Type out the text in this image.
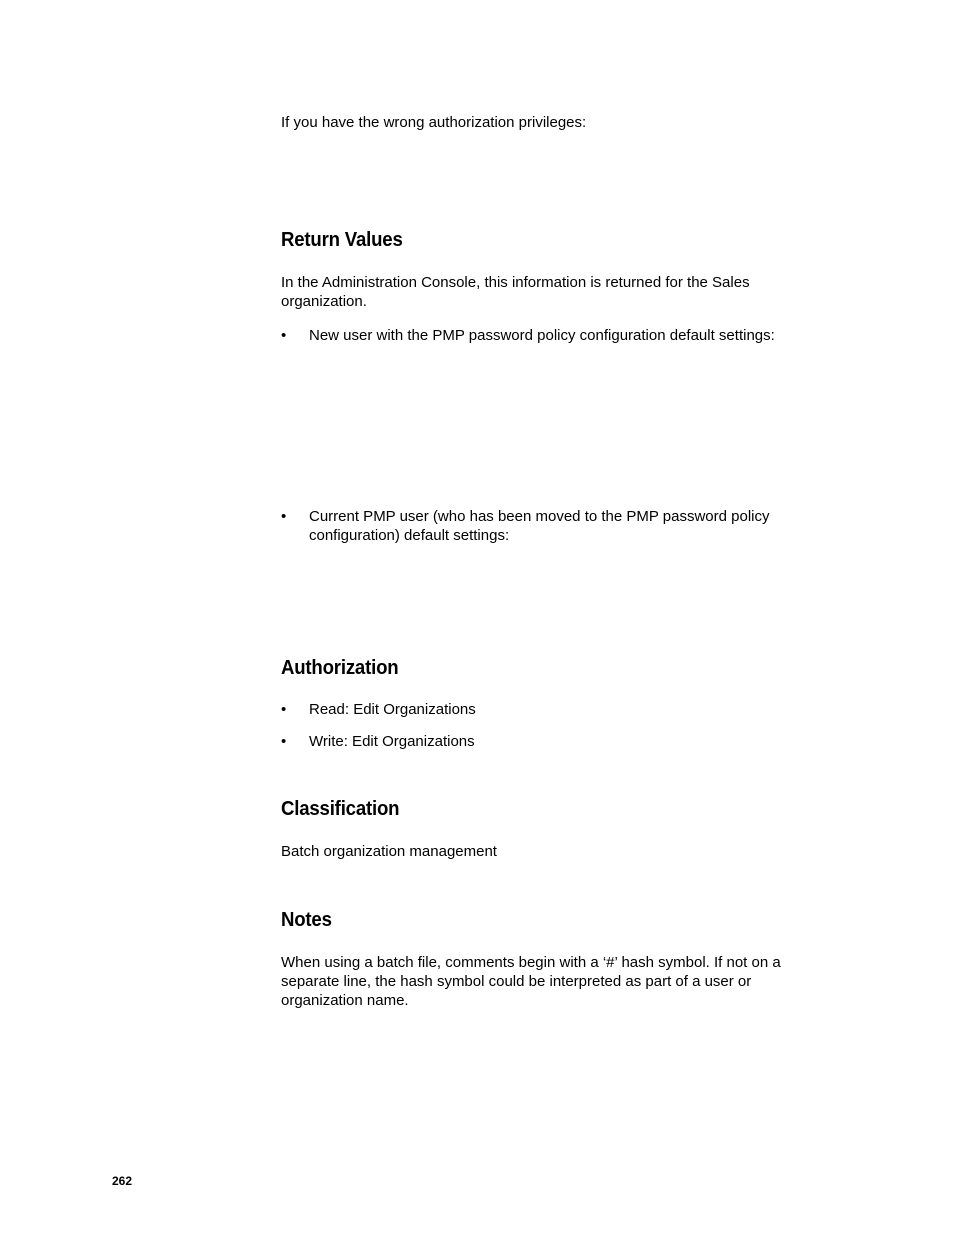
If you have the wrong authorization privileges:

Return Values

In the Administration Console, this information is returned for the Sales organization.

• New user with the PMP password policy configuration default settings:
• Current PMP user (who has been moved to the PMP password policy configuration) default settings:
Authorization
• Read: Edit Organizations
• Write: Edit Organizations
Classification

Batch organization management

Notes

When using a batch file, comments begin with a ‘#’ hash symbol. If not on a separate line, the hash symbol could be interpreted as part of a user or organization name.

262
